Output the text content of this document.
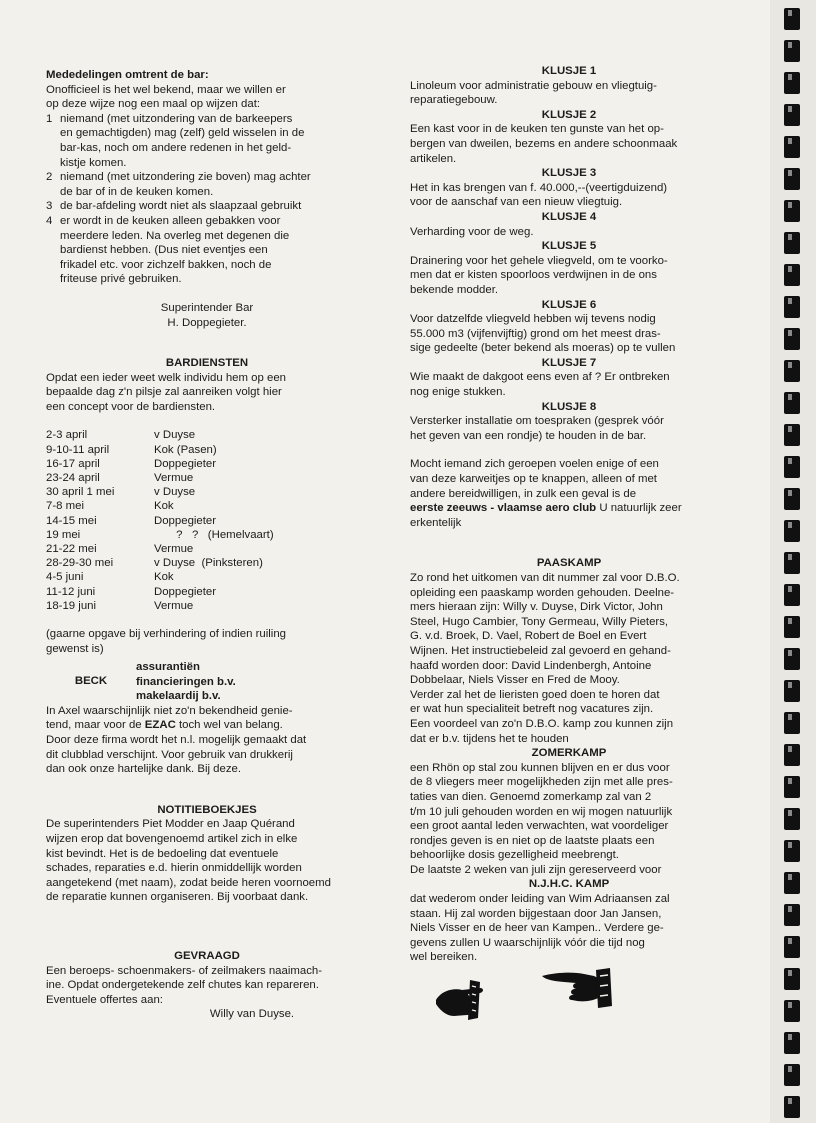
Mededelingen omtrent de bar:
Onofficieel is het wel bekend, maar we willen er
op deze wijze nog een maal op wijzen dat:
1 niemand (met uitzondering van de barkeepers
en gemachtigden) mag (zelf) geld wisselen in de
bar-kas, noch om andere redenen in het geld-
kistje komen.
2 niemand (met uitzondering zie boven) mag achter
de bar of in de keuken komen.
3 de bar-afdeling wordt niet als slaapzaal gebruikt
4 er wordt in de keuken alleen gebakken voor
meerdere leden. Na overleg met degenen die
bardienst hebben. (Dus niet eventjes een
frikadel etc. voor zichzelf bakken, noch de
friteuse privé gebruiken.
Superintender Bar
H. Doppegieter.
BARDIENSTEN
Opdat een ieder weet welk individu hem op een
bepaalde dag z'n pilsje zal aanreiken volgt hier
een concept voor de bardiensten.
2-3 april	v Duyse
9-10-11 april	Kok (Pasen)
16-17 april	Doppegieter
23-24 april	Vermue
30 april 1 mei	v Duyse
7-8 mei	Kok
14-15 mei	Doppegieter
19 mei	?   ?   (Hemelvaart)
21-22 mei	Vermue
28-29-30 mei	v Duyse  (Pinksteren)
4-5 juni	Kok
11-12 juni	Doppegieter
18-19 juni	Vermue
(gaarne opgave bij verhindering of indien ruiling
gewenst is)
BECK
assurantiën
financieringen b.v.
makelaardij b.v.
In Axel waarschijnlijk niet zo'n bekendheid genie-
tend, maar voor de EZAC toch wel van belang.
Door deze firma wordt het n.l. mogelijk gemaakt dat
dit clubblad verschijnt. Voor gebruik van drukkerij
dan ook onze hartelijke dank. Bij deze.
NOTITIEBOEKJES
De superintenders Piet Modder en Jaap Quérand
wijzen erop dat bovengenoemd artikel zich in elke
kist bevindt. Het is de bedoeling dat eventuele
schades, reparaties e.d. hierin onmiddellijk worden
aangetekend (met naam), zodat beide heren voornoemd
de reparatie kunnen organiseren. Bij voorbaat dank.
GEVRAAGD
Een beroeps- schoenmakers- of zeilmakers naaimach-
ine. Opdat ondergetekende zelf chutes kan repareren.
Eventuele offertes aan:
Willy van Duyse.
KLUSJE 1
Linoleum voor administratie gebouw en vliegtuig-
reparatiegebouw.
KLUSJE 2
Een kast voor in de keuken ten gunste van het op-
bergen van dweilen, bezems en andere schoonmaak
artikelen.
KLUSJE 3
Het in kas brengen van f. 40.000,--(veertigduizend)
voor de aanschaf van een nieuw vliegtuig.
KLUSJE 4
Verharding voor de weg.
KLUSJE 5
Drainering voor het gehele vliegveld, om te voorko-
men dat er kisten spoorloos verdwijnen in de ons
bekende modder.
KLUSJE 6
Voor datzelfde vliegveld hebben wij tevens nodig
55.000 m3 (vijfenvijftig) grond om het meest dras-
sige gedeelte (beter bekend als moeras) op te vullen
KLUSJE 7
Wie maakt de dakgoot eens even af ? Er ontbreken
nog enige stukken.
KLUSJE 8
Versterker installatie om toespraken (gesprek vóór
het geven van een rondje) te houden in de bar.
Mocht iemand zich geroepen voelen enige of een
van deze karweitjes op te knappen, alleen of met
andere bereidwilligen, in zulk een geval is de
eerste zeeuws - vlaamse aero club U natuurlijk zeer
erkentelijk
PAASKAMP
Zo rond het uitkomen van dit nummer zal voor D.B.O.
opleiding een paaskamp worden gehouden. Deelne-
mers hieraan zijn: Willy v. Duyse, Dirk Victor, John
Steel, Hugo Cambier, Tony Germeau, Willy Pieters,
G. v.d. Broek, D. Vael, Robert de Boel en Evert
Wijnen. Het instructiebeleid zal gevoerd en gehand-
haafd worden door: David Lindenbergh, Antoine
Dobbelaar, Niels Visser en Fred de Mooy.
Verder zal het de lieristen goed doen te horen dat
er wat hun specialiteit betreft nog vacatures zijn.
Een voordeel van zo'n D.B.O. kamp zou kunnen zijn
dat er b.v. tijdens het te houden
ZOMERKAMP
een Rhön op stal zou kunnen blijven en er dus voor
de 8 vliegers meer mogelijkheden zijn met alle pres-
taties van dien. Genoemd zomerkamp zal van 2
t/m 10 juli gehouden worden en wij mogen natuurlijk
een groot aantal leden verwachten, wat voordeliger
rondjes geven is en niet op de laatste plaats een
behoorlijke dosis gezelligheid meebrengt.
De laatste 2 weken van juli zijn gereserveerd voor
N.J.H.C. KAMP
dat wederom onder leiding van Wim Adriaansen zal
staan. Hij zal worden bijgestaan door Jan Jansen,
Niels Visser en de heer van Kampen.. Verdere ge-
gevens zullen U waarschijnlijk vóór die tijd nog
wel bereiken.
